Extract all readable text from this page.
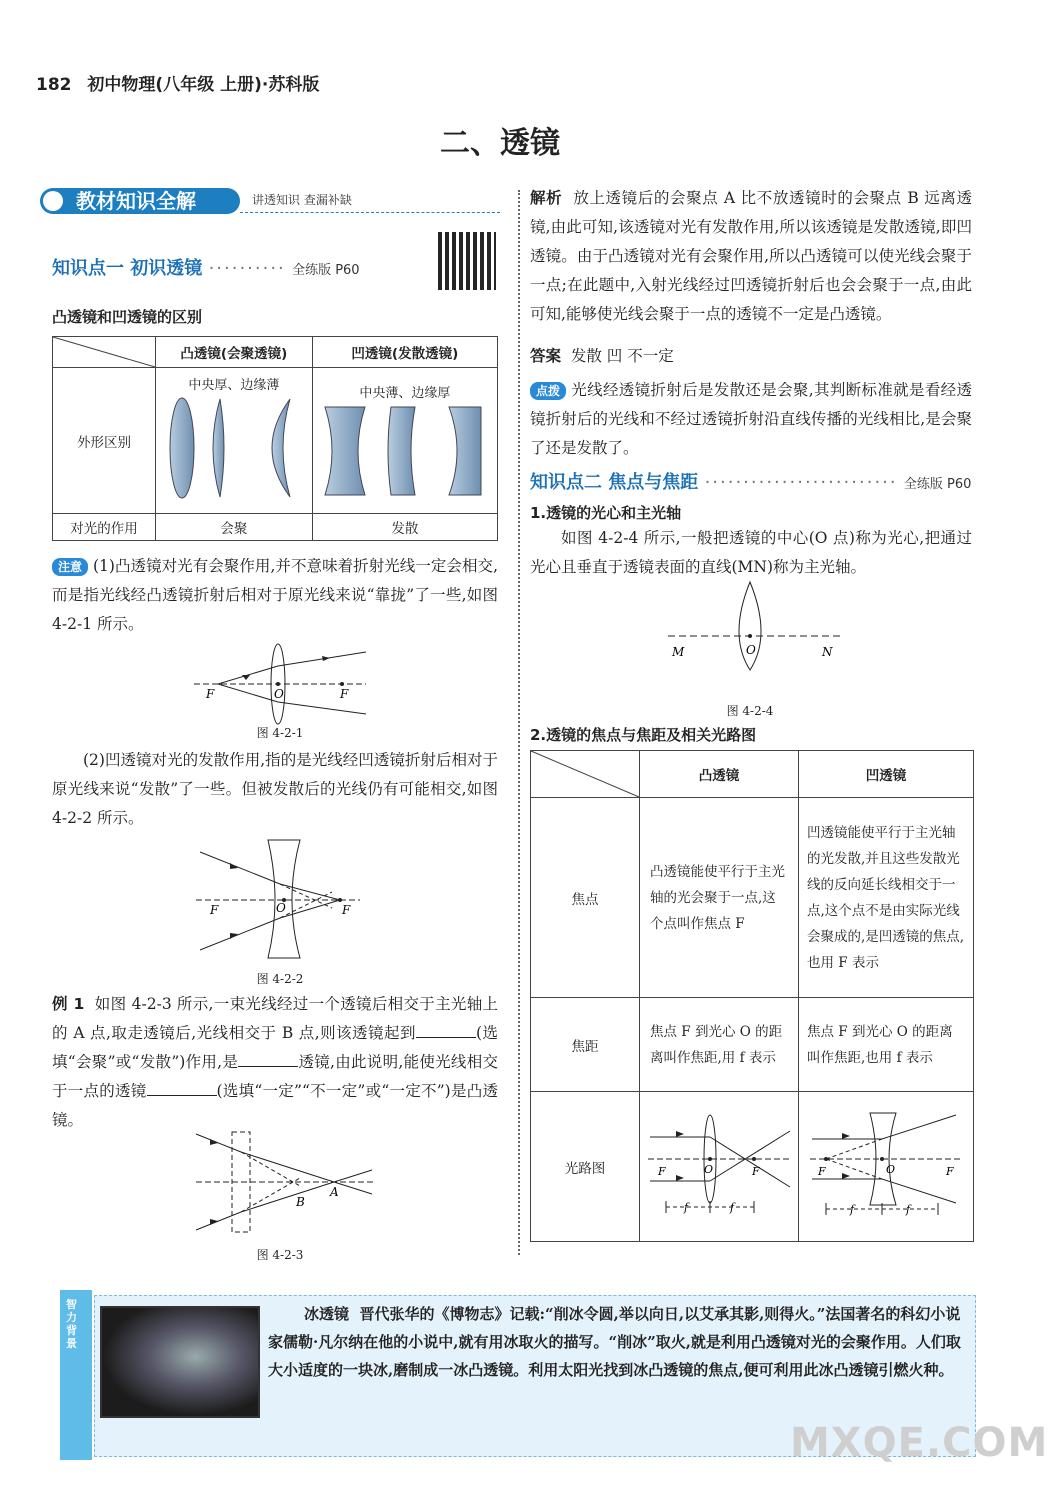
182 初中物理(八年级 上册)·苏科版
二、透镜
教材知识全解	讲透知识 查漏补缺
知识点一 初识透镜 ·········· 全练版 P60
凸透镜和凹透镜的区别
	凸透镜(会聚透镜)	凹透镜(发散透镜)
外形区别	中央厚、边缘薄	中央薄、边缘厚

对光的作用	会聚	发散
注意 (1)凸透镜对光有会聚作用,并不意味着折射光线一定会相交,而是指光线经凸透镜折射后相对于原光线来说“靠拢”了一些,如图 4-2-1 所示。
F	O	F
图 4-2-1
(2)凹透镜对光的发散作用,指的是光线经凹透镜折射后相对于原光线来说“发散”了一些。但被发散后的光线仍有可能相交,如图 4-2-2 所示。
F	O	F
图 4-2-2
例 1 如图 4-2-3 所示,一束光线经过一个透镜后相交于主光轴上的 A 点,取走透镜后,光线相交于 B 点,则该透镜起到	(选填“会聚”或“发散”)作用,是	透镜,由此说明,能使光线相交于一点的透镜	(选填“一定”“不一定”或“一定不”)是凸透镜。
B
A
图 4-2-3
解析 放上透镜后的会聚点 A 比不放透镜时的会聚点 B 远离透镜,由此可知,该透镜对光有发散作用,所以该透镜是发散透镜,即凹透镜。由于凸透镜对光有会聚作用,所以凸透镜可以使光线会聚于一点;在此题中,入射光线经过凹透镜折射后也会会聚于一点,由此可知,能够使光线会聚于一点的透镜不一定是凸透镜。
答案 发散 凹 不一定
点拨 光线经透镜折射后是发散还是会聚,其判断标准就是看经透镜折射后的光线和不经过透镜折射沿直线传播的光线相比,是会聚了还是发散了。
知识点二 焦点与焦距 ························· 全练版 P60
1.透镜的光心和主光轴
如图 4-2-4 所示,一般把透镜的中心(O 点)称为光心,把通过光心且垂直于透镜表面的直线(MN)称为主光轴。
M	O	N
图 4-2-4
2.透镜的焦点与焦距及相关光路图
	凸透镜	凹透镜
焦点	凸透镜能使平行于主光轴的光会聚于一点,这个点叫作焦点 F	凹透镜能使平行于主光轴的光发散,并且这些发散光线的反向延长线相交于一点,这个点不是由实际光线会聚成的,是凹透镜的焦点,也用 F 表示
焦距	焦点 F 到光心 O 的距离叫作焦距,用 f 表示	焦点 F 到光心 O 的距离叫作焦距,也用 f 表示
光路图	F O F
f f	F O F
f f
智力背景
冰透镜 晋代张华的《博物志》记载:“削冰令圆,举以向日,以艾承其影,则得火。”法国著名的科幻小说家儒勒·凡尔纳在他的小说中,就有用冰取火的描写。“削冰”取火,就是利用凸透镜对光的会聚作用。人们取大小适度的一块冰,磨制成一冰凸透镜。利用太阳光找到冰凸透镜的焦点,便可利用此冰凸透镜引燃火种。
MXQE.COM
